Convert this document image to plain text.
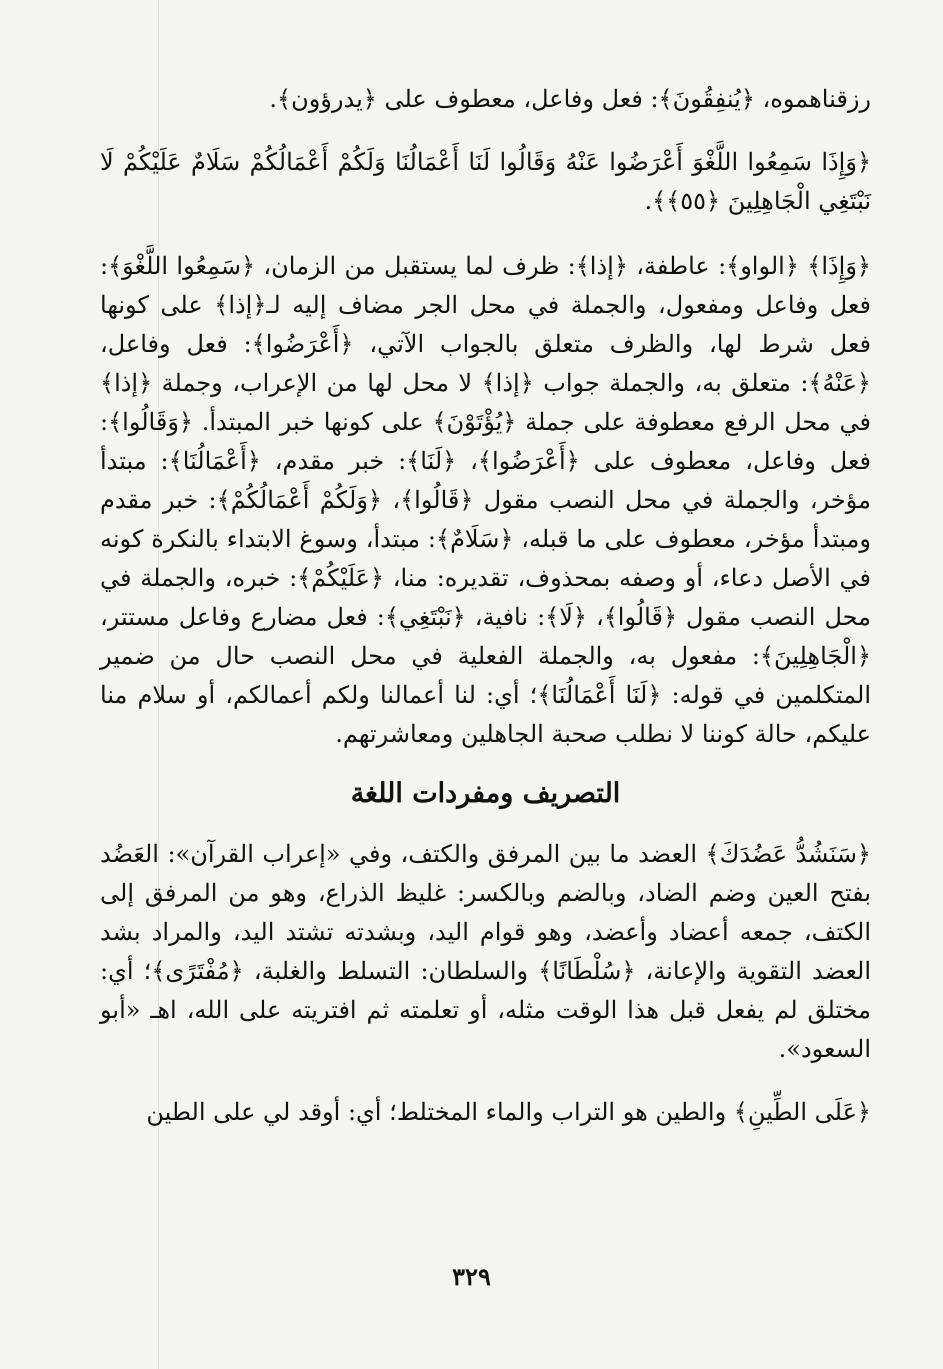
رزقناهموه، ﴿يُنفِقُونَ﴾: فعل وفاعل، معطوف على ﴿يدرؤون﴾.

﴿وَإِذَا سَمِعُوا اللَّغْوَ أَعْرَضُوا عَنْهُ وَقَالُوا لَنَا أَعْمَالُنَا وَلَكُمْ أَعْمَالُكُمْ سَلَامٌ عَلَيْكُمْ لَا نَبْتَغِي الْجَاهِلِينَ ﴿٥٥﴾﴾.

﴿وَإِذَا﴾ ﴿الواو﴾: عاطفة، ﴿إذا﴾: ظرف لما يستقبل من الزمان، ﴿سَمِعُوا اللَّغْوَ﴾: فعل وفاعل ومفعول، والجملة في محل الجر مضاف إليه لـ﴿إذا﴾ على كونها فعل شرط لها، والظرف متعلق بالجواب الآتي، ﴿أَعْرَضُوا﴾: فعل وفاعل، ﴿عَنْهُ﴾: متعلق به، والجملة جواب ﴿إذا﴾ لا محل لها من الإعراب، وجملة ﴿إذا﴾ في محل الرفع معطوفة على جملة ﴿يُؤْتَوْنَ﴾ على كونها خبر المبتدأ. ﴿وَقَالُوا﴾: فعل وفاعل، معطوف على ﴿أَعْرَضُوا﴾، ﴿لَنَا﴾: خبر مقدم، ﴿أَعْمَالُنَا﴾: مبتدأ مؤخر، والجملة في محل النصب مقول ﴿قَالُوا﴾، ﴿وَلَكُمْ أَعْمَالُكُمْ﴾: خبر مقدم ومبتدأ مؤخر، معطوف على ما قبله، ﴿سَلَامٌ﴾: مبتدأ، وسوغ الابتداء بالنكرة كونه في الأصل دعاء، أو وصفه بمحذوف، تقديره: منا، ﴿عَلَيْكُمْ﴾: خبره، والجملة في محل النصب مقول ﴿قَالُوا﴾، ﴿لَا﴾: نافية، ﴿نَبْتَغِي﴾: فعل مضارع وفاعل مستتر، ﴿الْجَاهِلِينَ﴾: مفعول به، والجملة الفعلية في محل النصب حال من ضمير المتكلمين في قوله: ﴿لَنَا أَعْمَالُنَا﴾؛ أي: لنا أعمالنا ولكم أعمالكم، أو سلام منا عليكم، حالة كوننا لا نطلب صحبة الجاهلين ومعاشرتهم.

التصريف ومفردات اللغة

﴿سَنَشُدُّ عَضُدَكَ﴾ العضد ما بين المرفق والكتف، وفي «إعراب القرآن»: العَضُد بفتح العين وضم الضاد، وبالضم وبالكسر: غليظ الذراع، وهو من المرفق إلى الكتف، جمعه أعضاد وأعضد، وهو قوام اليد، وبشدته تشتد اليد، والمراد بشد العضد التقوية والإعانة، ﴿سُلْطَانًا﴾ والسلطان: التسلط والغلبة، ﴿مُفْتَرًى﴾؛ أي: مختلق لم يفعل قبل هذا الوقت مثله، أو تعلمته ثم افتريته على الله، اهـ «أبو السعود».

﴿عَلَى الطِّينِ﴾ والطين هو التراب والماء المختلط؛ أي: أوقد لي على الطين

٣٢٩
